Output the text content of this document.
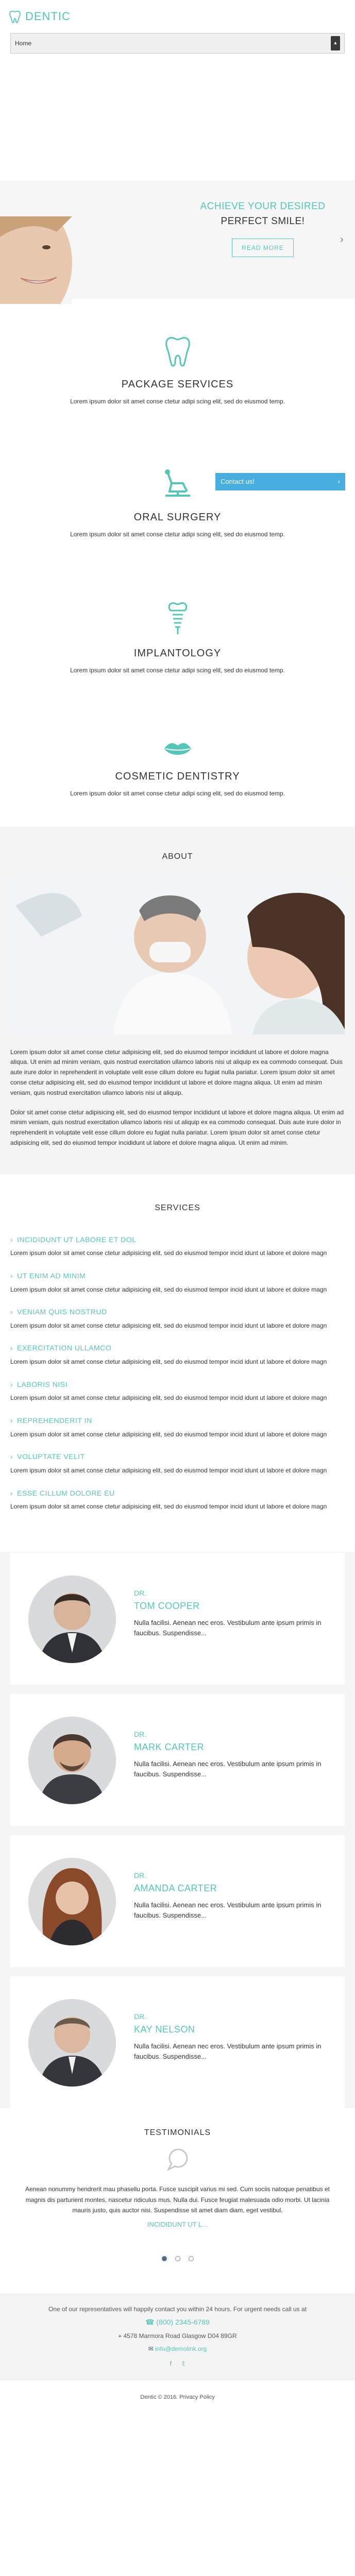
DENTIC
Home	▲

ACHIEVE YOUR DESIRED
PERFECT SMILE!
READ MORE
›
PACKAGE SERVICES
Lorem ipsum dolor sit amet conse ctetur adipi scing elit, sed do eiusmod temp.
Contact us!	›
ORAL SURGERY
Lorem ipsum dolor sit amet conse ctetur adipi scing elit, sed do eiusmod temp.
IMPLANTOLOGY
Lorem ipsum dolor sit amet conse ctetur adipi scing elit, sed do eiusmod temp.
COSMETIC DENTISTRY
Lorem ipsum dolor sit amet conse ctetur adipi scing elit, sed do eiusmod temp.
ABOUT

Lorem ipsum dolor sit amet conse ctetur adipisicing elit, sed do eiusmod tempor incididunt ut labore et dolore magna aliqua. Ut enim ad minim veniam, quis nostrud exercitation ullamco laboris nisi ut aliquip ex ea commodo consequat. Duis aute irure dolor in reprehenderit in voluptate velit esse cillum dolore eu fugiat nulla pariatur. Lorem ipsum dolor sit amet conse ctetur adipisicing elit, sed do eiusmod tempor incididunt ut labore et dolore magna aliqua. Ut enim ad minim veniam, quis nostrud exercitation ullamco laboris nisi ut aliquip.

Dolor sit amet conse ctetur adipisicing elit, sed do eiusmod tempor incididunt ut labore et dolore magna aliqua. Ut enim ad minim veniam, quis nostrud exercitation ullamco laboris nisi ut aliquip ex ea commodo consequat. Duis aute irure dolor in reprehenderit in voluptate velit esse cillum dolore eu fugiat nulla pariatur. Lorem ipsum dolor sit amet conse ctetur adipisicing elit, sed do eiusmod tempor incididunt ut labore et dolore magna aliqua. Ut enim ad minim.

SERVICES
› INCIDIDUNT UT LABORE ET DOL
Lorem ipsum dolor sit amet conse ctetur adipisicing elit, sed do eiusmod tempor incid idunt ut labore et dolore magn
› UT ENIM AD MINIM
Lorem ipsum dolor sit amet conse ctetur adipisicing elit, sed do eiusmod tempor incid idunt ut labore et dolore magn
› VENIAM QUIS NOSTRUD
Lorem ipsum dolor sit amet conse ctetur adipisicing elit, sed do eiusmod tempor incid idunt ut labore et dolore magn
› EXERCITATION ULLAMCO
Lorem ipsum dolor sit amet conse ctetur adipisicing elit, sed do eiusmod tempor incid idunt ut labore et dolore magn
› LABORIS NISI
Lorem ipsum dolor sit amet conse ctetur adipisicing elit, sed do eiusmod tempor incid idunt ut labore et dolore magn
› REPREHENDERIT IN
Lorem ipsum dolor sit amet conse ctetur adipisicing elit, sed do eiusmod tempor incid idunt ut labore et dolore magn
› VOLUPTATE VELIT
Lorem ipsum dolor sit amet conse ctetur adipisicing elit, sed do eiusmod tempor incid idunt ut labore et dolore magn
› ESSE CILLUM DOLORE EU
Lorem ipsum dolor sit amet conse ctetur adipisicing elit, sed do eiusmod tempor incid idunt ut labore et dolore magn
DR.
TOM COOPER
Nulla facilisi. Aenean nec eros. Vestibulum ante ipsum primis in faucibus. Suspendisse...
DR.
MARK CARTER
Nulla facilisi. Aenean nec eros. Vestibulum ante ipsum primis in faucibus. Suspendisse...
DR.
AMANDA CARTER
Nulla facilisi. Aenean nec eros. Vestibulum ante ipsum primis in faucibus. Suspendisse...
DR.
KAY NELSON
Nulla facilisi. Aenean nec eros. Vestibulum ante ipsum primis in faucibus. Suspendisse...
TESTIMONIALS
Aenean nonummy hendrerit mau phasellu porta. Fusce suscipit varius mi sed. Cum sociis natoque penatibus et magnis dis parturient montes, nascetur ridiculus mus. Nulla dui. Fusce feugiat malesuada odio morbi. Ut lacinia mauris justo, quis auctor nisi. Suspendisse sit amet diam diam, eget vestibul.
INCIDIDUNT UT L...
One of our representatives will happily contact you within 24 hours. For urgent needs call us at
☎ (800) 2345-6789
⌖ 4578 Marmora Road Glasgow D04 89GR
✉ info@demolink.org
f 𝕥
Dentic © 2016. Privacy Policy
